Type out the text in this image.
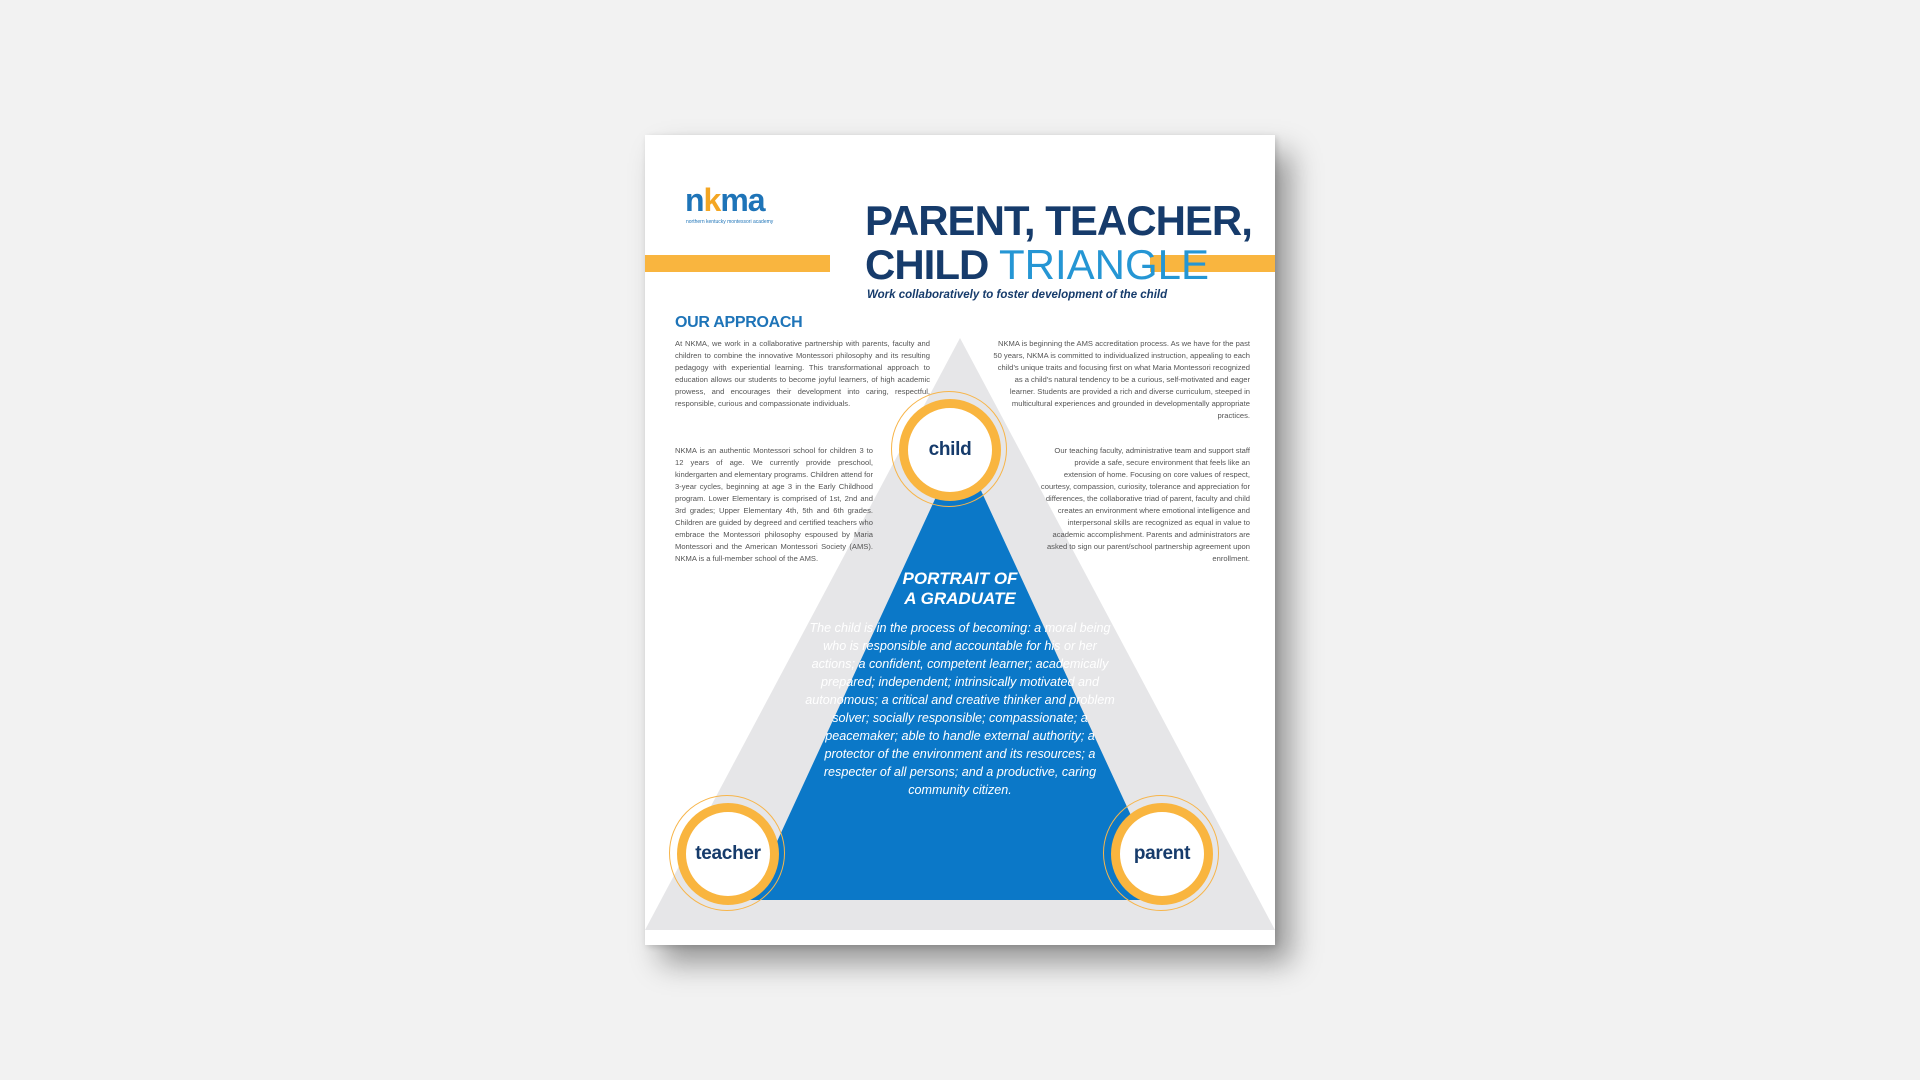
nkma
northern kentucky montessori academy PARENT, TEACHER,
CHILD TRIANGLE
Work collaboratively to foster development of the child
OUR APPROACH

At NKMA, we work in a collaborative partnership with parents, faculty and children to combine the innovative Montessori philosophy and its resulting pedagogy with experiential learning. This transformational approach to education allows our students to become joyful learners, of high academic prowess, and encourages their development into caring, respectful, responsible, curious and compassionate individuals.

NKMA is an authentic Montessori school for children 3 to 12 years of age. We currently provide preschool, kindergarten and elementary programs. Children attend for 3-year cycles, beginning at age 3 in the Early Childhood program. Lower Elementary is comprised of 1st, 2nd and 3rd grades; Upper Elementary 4th, 5th and 6th grades. Children are guided by degreed and certified teachers who embrace the Montessori philosophy espoused by Maria Montessori and the American Montessori Society (AMS). NKMA is a full-member school of the AMS.

NKMA is beginning the AMS accreditation process. As we have for the past 50 years, NKMA is committed to individualized instruction, appealing to each child’s unique traits and focusing first on what Maria Montessori recognized as a child’s natural tendency to be a curious, self-motivated and eager learner. Students are provided a rich and diverse curriculum, steeped in multicultural experiences and grounded in developmentally appropriate practices.

Our teaching faculty, administrative team and support staff provide a safe, secure environment that feels like an extension of home. Focusing on core values of respect, courtesy, compassion, curiosity, tolerance and appreciation for differences, the collaborative triad of parent, faculty and child creates an environment where emotional intelligence and interpersonal skills are recognized as equal in value to academic accomplishment. Parents and administrators are asked to sign our parent/school partnership agreement upon enrollment.

PORTRAIT OF
A GRADUATE
The child is in the process of becoming: a moral being who is responsible and accountable for his or her actions; a confident, competent learner; academically prepared; independent; intrinsically motivated and autonomous; a critical and creative thinker and problem solver; socially responsible; compassionate; a peacemaker; able to handle external authority; a protector of the environment and its resources; a respecter of all persons; and a productive, caring community citizen.
child
teacher	parent
